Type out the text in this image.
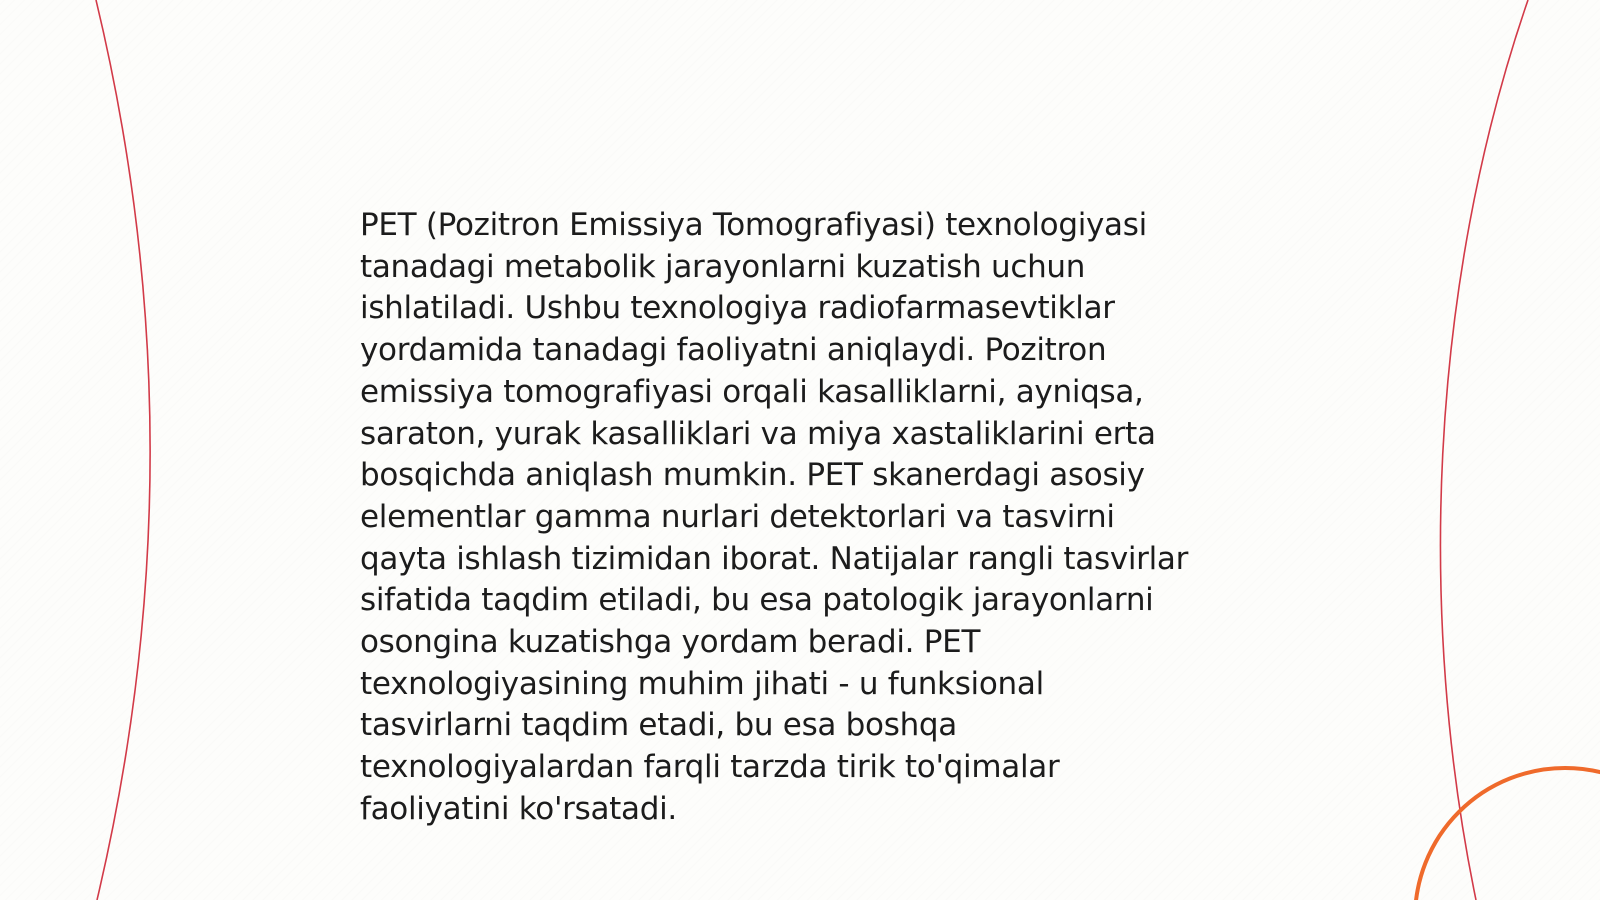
PET (Pozitron Emissiya Tomografiyasi) texnologiyasi
tanadagi metabolik jarayonlarni kuzatish uchun
ishlatiladi. Ushbu texnologiya radiofarmasevtiklar
yordamida tanadagi faoliyatni aniqlaydi. Pozitron
emissiya tomografiyasi orqali kasalliklarni, ayniqsa,
saraton, yurak kasalliklari va miya xastaliklarini erta
bosqichda aniqlash mumkin. PET skanerdagi asosiy
elementlar gamma nurlari detektorlari va tasvirni
qayta ishlash tizimidan iborat. Natijalar rangli tasvirlar
sifatida taqdim etiladi, bu esa patologik jarayonlarni
osongina kuzatishga yordam beradi. PET
texnologiyasining muhim jihati - u funksional
tasvirlarni taqdim etadi, bu esa boshqa
texnologiyalardan farqli tarzda tirik to'qimalar
faoliyatini ko'rsatadi.
